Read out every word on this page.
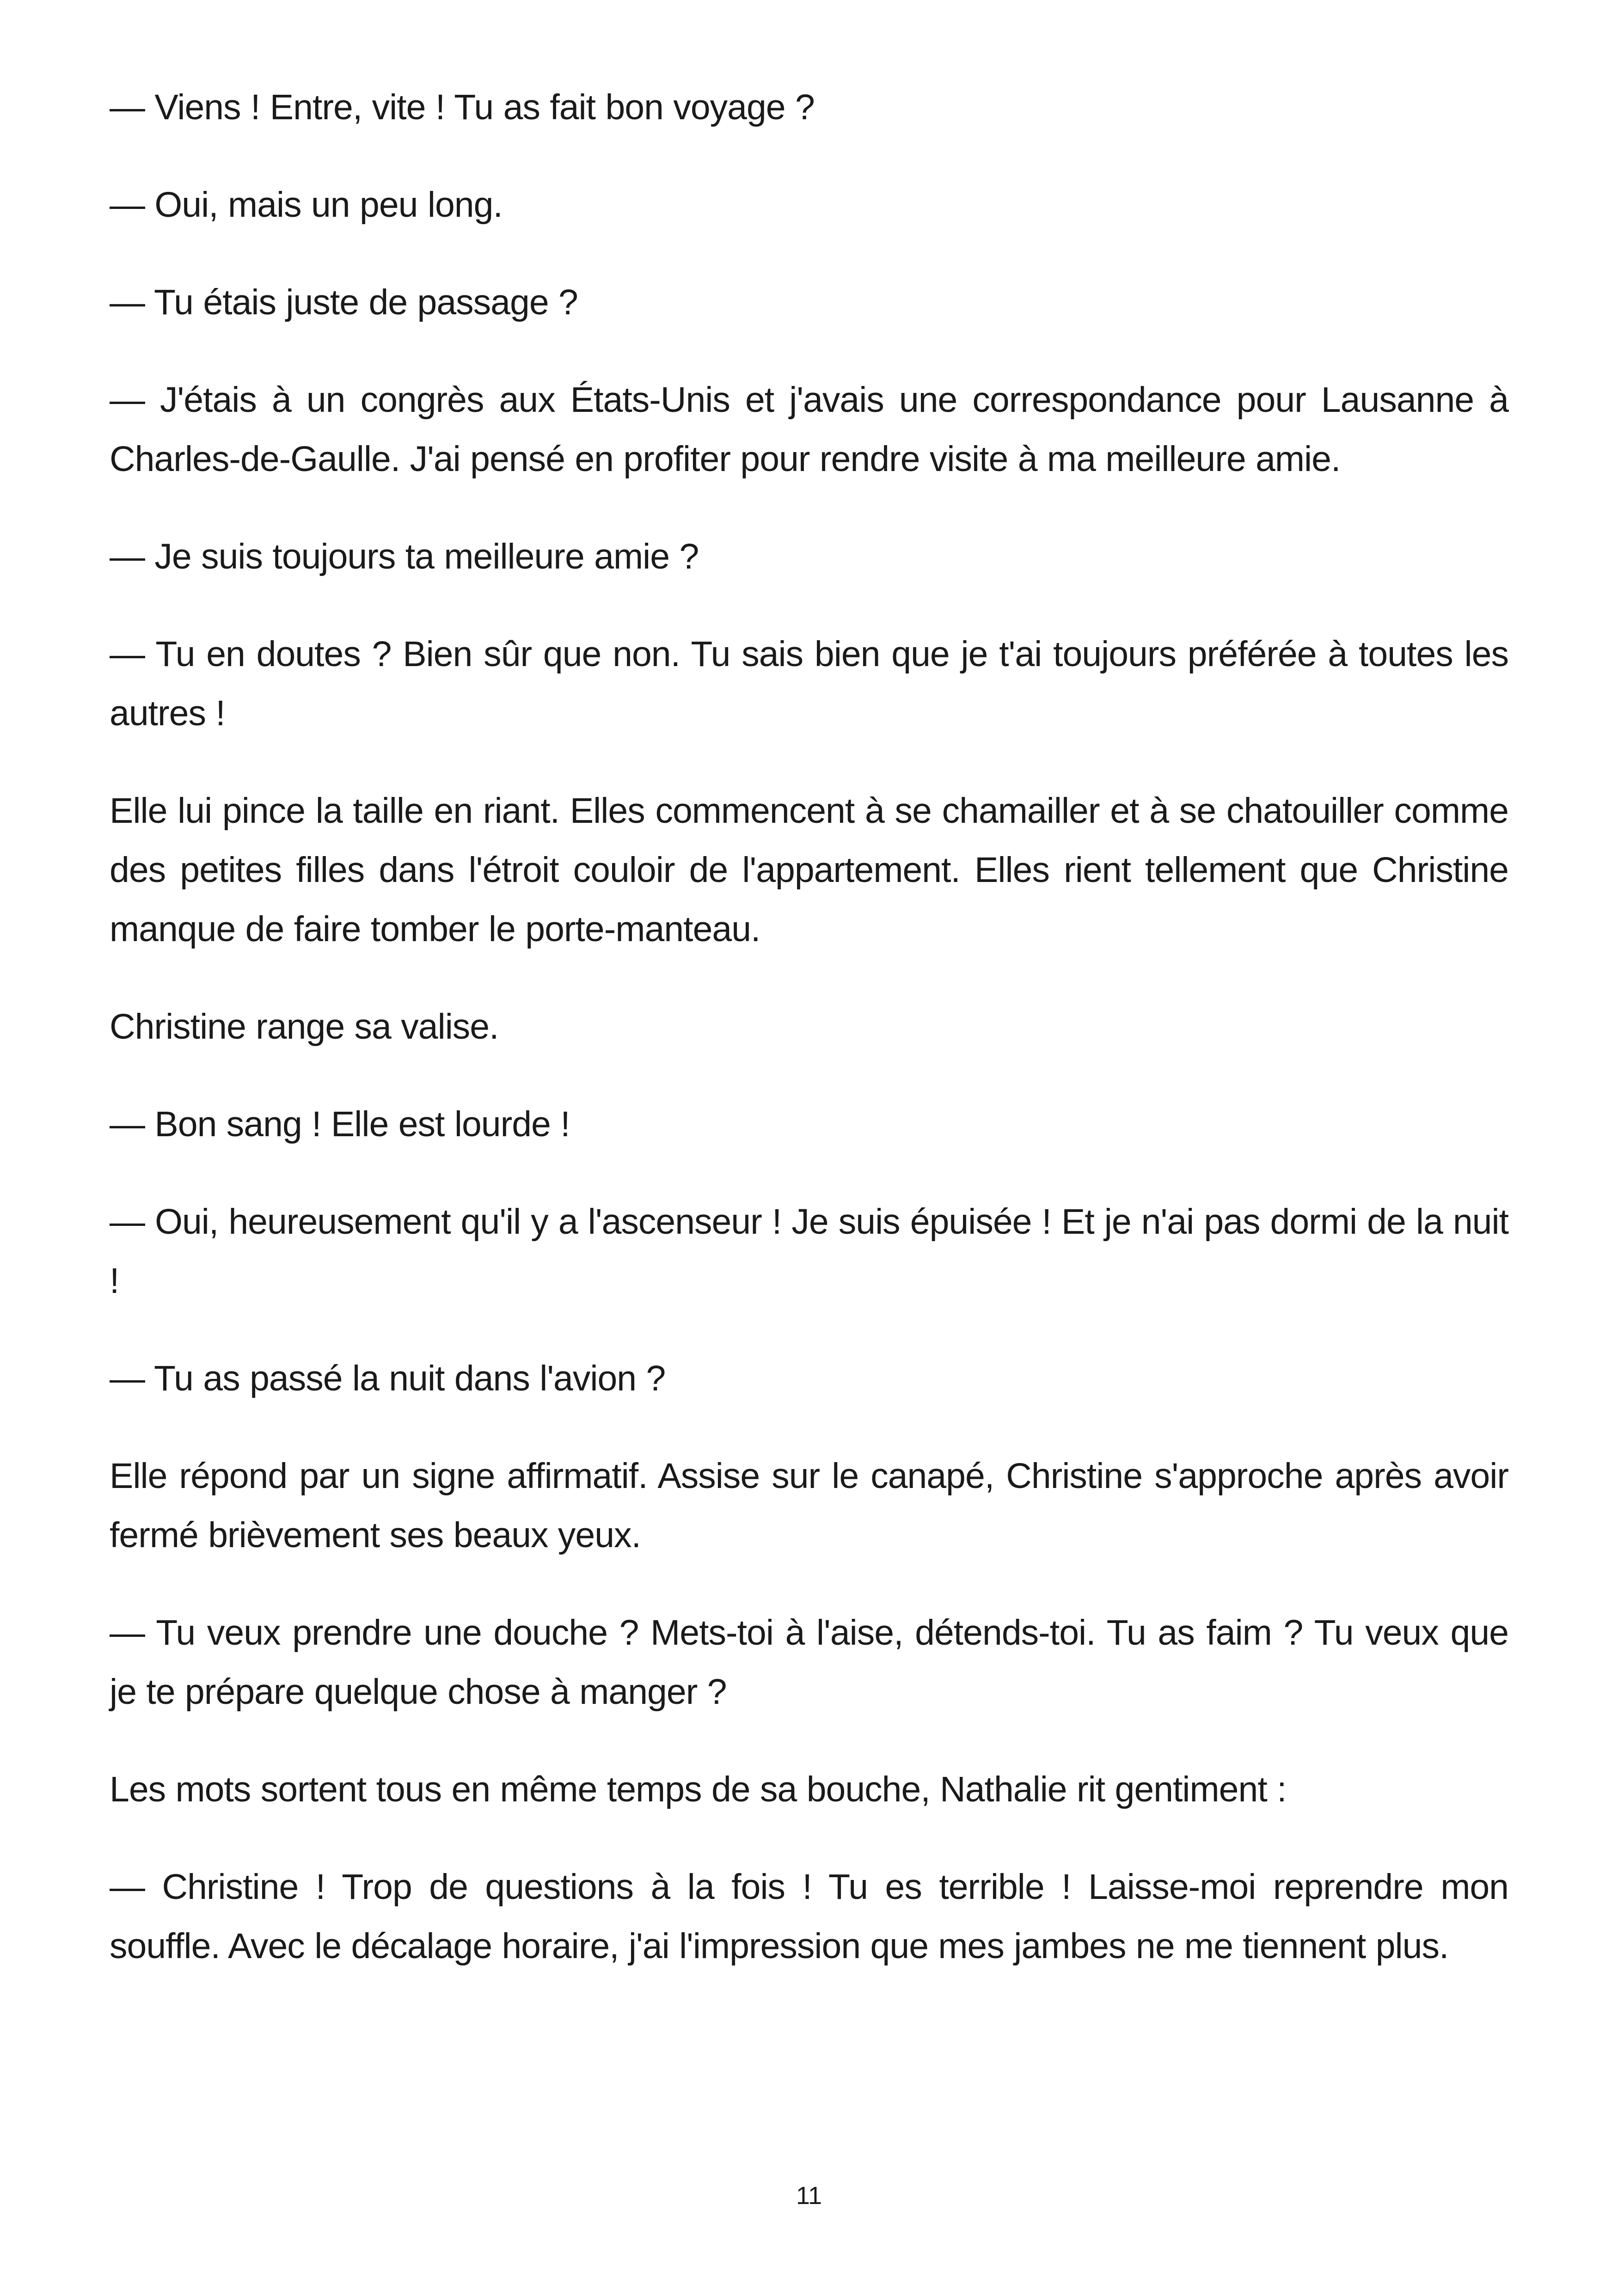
— Viens ! Entre, vite ! Tu as fait bon voyage ?

— Oui, mais un peu long.

— Tu étais juste de passage ?

— J'étais à un congrès aux États-Unis et j'avais une correspondance pour Lausanne à Charles-de-Gaulle. J'ai pensé en profiter pour rendre visite à ma meilleure amie.

— Je suis toujours ta meilleure amie ?

— Tu en doutes ? Bien sûr que non. Tu sais bien que je t'ai toujours préférée à toutes les autres !

Elle lui pince la taille en riant. Elles commencent à se chamailler et à se chatouiller comme des petites filles dans l'étroit couloir de l'appartement. Elles rient tellement que Christine manque de faire tomber le porte-manteau.

Christine range sa valise.

— Bon sang ! Elle est lourde !

— Oui, heureusement qu'il y a l'ascenseur ! Je suis épuisée ! Et je n'ai pas dormi de la nuit !

— Tu as passé la nuit dans l'avion ?

Elle répond par un signe affirmatif. Assise sur le canapé, Christine s'approche après avoir fermé brièvement ses beaux yeux.

— Tu veux prendre une douche ? Mets-toi à l'aise, détends-toi. Tu as faim ? Tu veux que je te prépare quelque chose à manger ?

Les mots sortent tous en même temps de sa bouche, Nathalie rit gentiment :

— Christine ! Trop de questions à la fois ! Tu es terrible ! Laisse-moi reprendre mon souffle. Avec le décalage horaire, j'ai l'impression que mes jambes ne me tiennent plus.

11
